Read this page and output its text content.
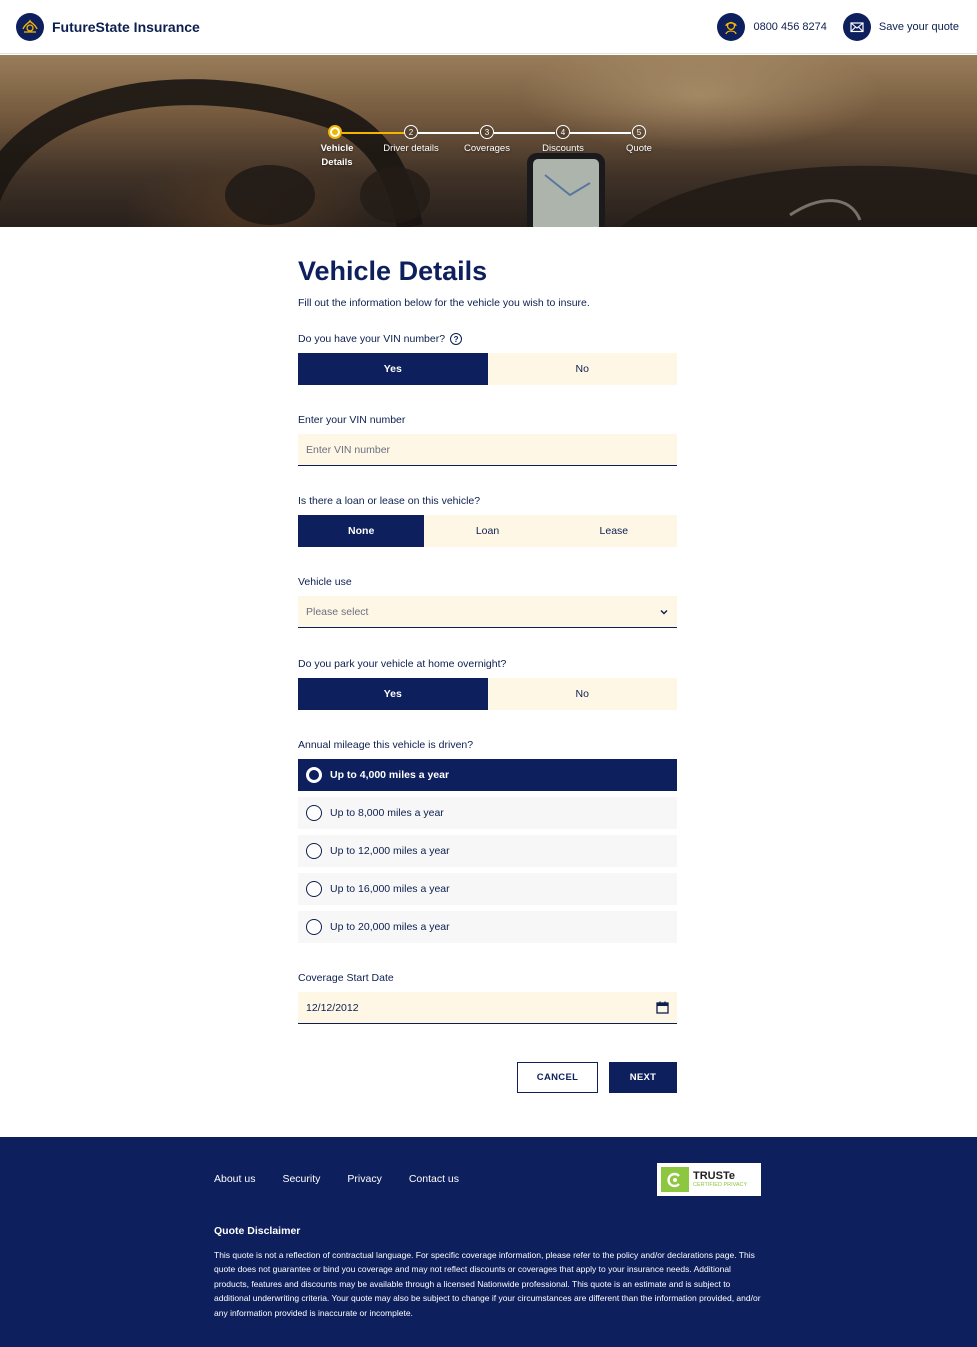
FutureState Insurance	0800 456 8274	Save your quote
2	3	4	5
Vehicle Details
Driver details	Coverages	Discounts	Quote
Vehicle Details

Fill out the information below for the vehicle you wish to insure.

Do you have your VIN number?	?
Yes	No
Enter your VIN number
Enter VIN number
Is there a loan or lease on this vehicle?
None	Loan	Lease
Vehicle use
Please select
Do you park your vehicle at home overnight?
Yes	No
Annual mileage this vehicle is driven?
Up to 4,000 miles a year
Up to 8,000 miles a year
Up to 12,000 miles a year
Up to 16,000 miles a year
Up to 20,000 miles a year
Coverage Start Date
12/12/2012
CANCEL	NEXT
About us	Security	Privacy	Contact us	TRUSTe
CERTIFIED PRIVACY
Quote Disclaimer
This quote is not a reflection of contractual language. For specific coverage information, please refer to the policy and/or declarations page. This quote does not guarantee or bind you coverage and may not reflect discounts or coverages that apply to your insurance needs. Additional products, features and discounts may be available through a licensed Nationwide professional. This quote is an estimate and is subject to additional underwriting criteria. Your quote may also be subject to change if your circumstances are different than the information provided, and/or any information provided is inaccurate or incomplete.
